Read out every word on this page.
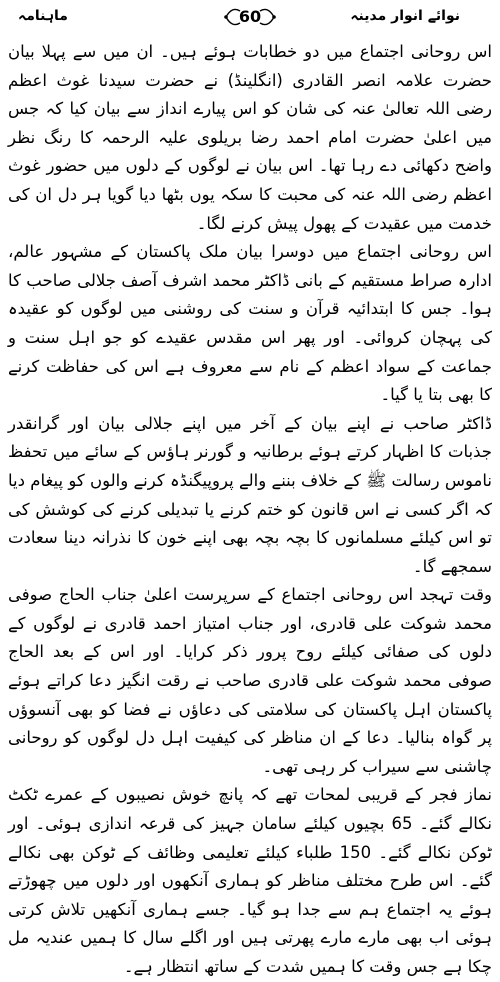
نوائے انوار مدینہ
60
ماہنامہ

اس روحانی اجتماع میں دو خطابات ہوئے ہیں۔ ان میں سے پہلا بیان حضرت علامہ انصر القادری (انگلینڈ) نے حضرت سیدنا غوث اعظم رضی اللہ تعالیٰ عنہ کی شان کو اس پیارے انداز سے بیان کیا کہ جس میں اعلیٰ حضرت امام احمد رضا بریلوی علیہ الرحمہ کا رنگ نظر واضح دکھائی دے رہا تھا۔ اس بیان نے لوگوں کے دلوں میں حضور غوث اعظم رضی اللہ عنہ کی محبت کا سکہ یوں بٹھا دیا گویا ہر دل ان کی خدمت میں عقیدت کے پھول پیش کرنے لگا۔

اس روحانی اجتماع میں دوسرا بیان ملک پاکستان کے مشہور عالم، ادارہ صراط مستقیم کے بانی ڈاکٹر محمد اشرف آصف جلالی صاحب کا ہوا۔ جس کا ابتدائیہ قرآن و سنت کی روشنی میں لوگوں کو عقیدہ کی پہچان کروائی۔ اور پھر اس مقدس عقیدے کو جو اہل سنت و جماعت کے سواد اعظم کے نام سے معروف ہے اس کی حفاظت کرنے کا بھی بتا یا گیا۔

ڈاکٹر صاحب نے اپنے بیان کے آخر میں اپنے جلالی بیان اور گرانقدر جذبات کا اظہار کرتے ہوئے برطانیہ و گورنر ہاؤس کے سائے میں تحفظ ناموس رسالت ﷺ کے خلاف بننے والے پروپیگنڈہ کرنے والوں کو پیغام دیا کہ اگر کسی نے اس قانون کو ختم کرنے یا تبدیلی کرنے کی کوشش کی تو اس کیلئے مسلمانوں کا بچہ بچہ بھی اپنے خون کا نذرانہ دینا سعادت سمجھے گا۔

وقت تہجد اس روحانی اجتماع کے سرپرست اعلیٰ جناب الحاج صوفی محمد شوکت علی قادری، اور جناب امتیاز احمد قادری نے لوگوں کے دلوں کی صفائی کیلئے روح پرور ذکر کرایا۔ اور اس کے بعد الحاج صوفی محمد شوکت علی قادری صاحب نے رقت انگیز دعا کراتے ہوئے پاکستان اہل پاکستان کی سلامتی کی دعاؤں نے فضا کو بھی آنسوؤں پر گواہ بنالیا۔ دعا کے ان مناظر کی کیفیت اہل دل لوگوں کو روحانی چاشنی سے سیراب کر رہی تھی۔

نماز فجر کے قریبی لمحات تھے کہ پانچ خوش نصیبوں کے عمرے ٹکٹ نکالے گئے۔ 65 بچیوں کیلئے سامان جہیز کی قرعہ اندازی ہوئی۔ اور ٹوکن نکالے گئے۔ 150 طلباء کیلئے تعلیمی وظائف کے ٹوکن بھی نکالے گئے۔ اس طرح مختلف مناظر کو ہماری آنکھوں اور دلوں میں چھوڑتے ہوئے یہ اجتماع ہم سے جدا ہو گیا۔ جسے ہماری آنکھیں تلاش کرتی ہوئی اب بھی مارے مارے پھرتی ہیں اور اگلے سال کا ہمیں عندیہ مل چکا ہے جس وقت کا ہمیں شدت کے ساتھ انتظار ہے۔
